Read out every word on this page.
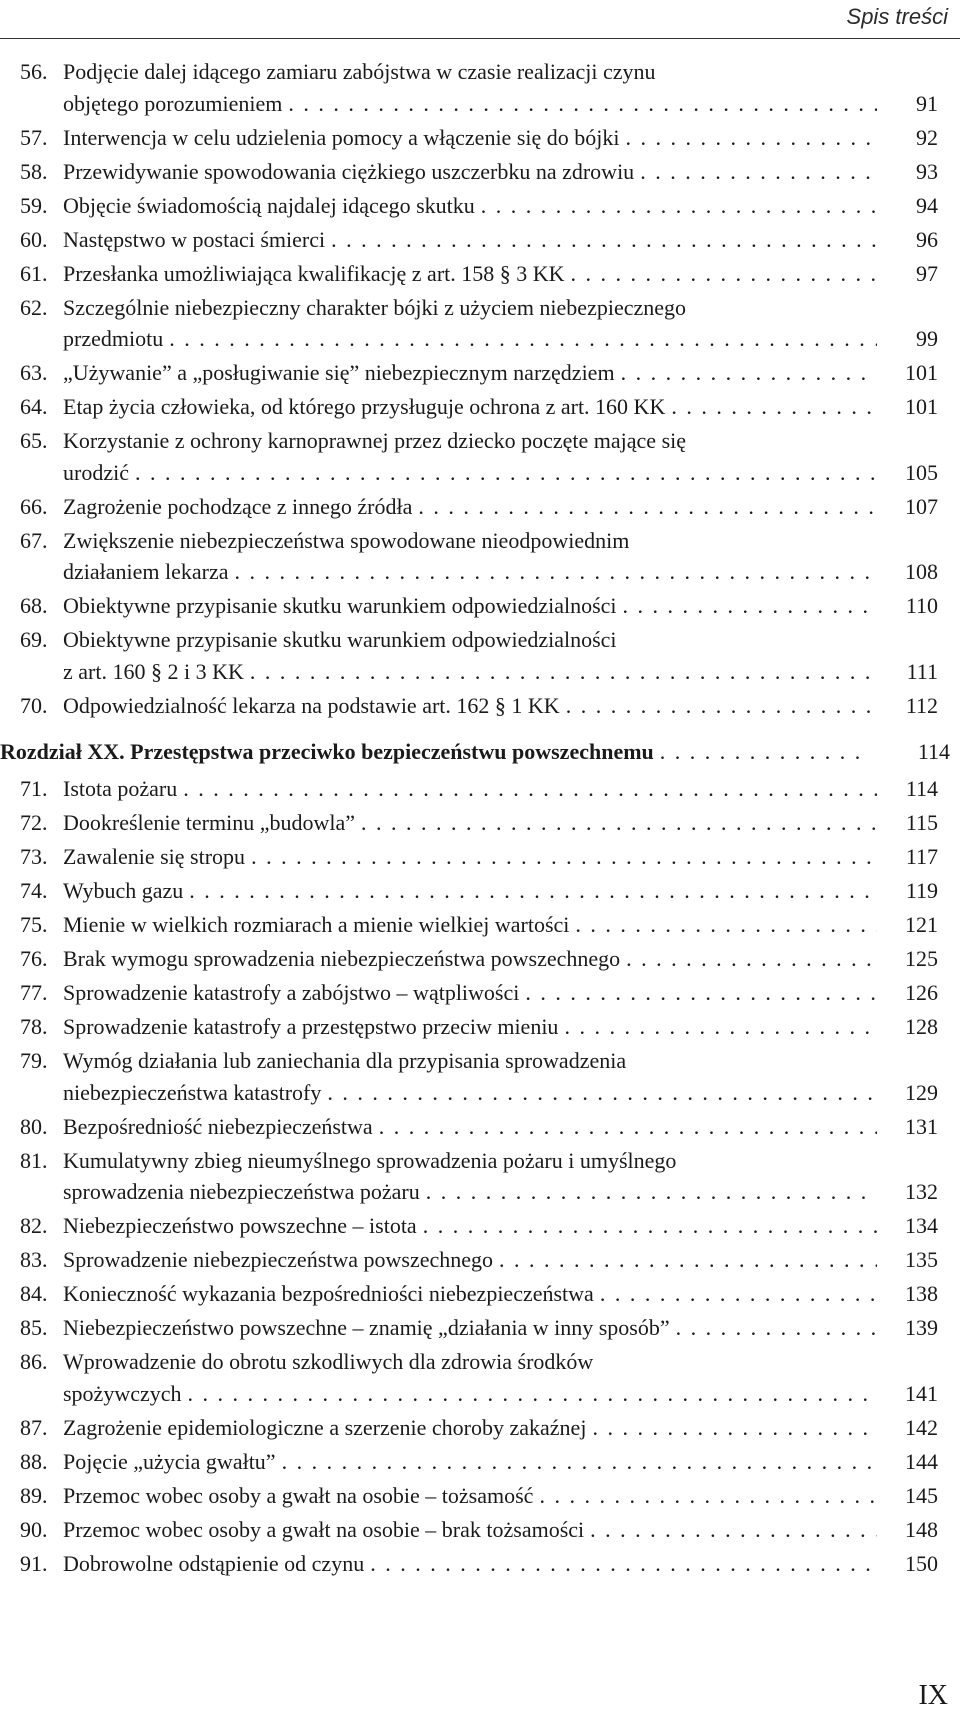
Spis treści
56. Podjęcie dalej idącego zamiaru zabójstwa w czasie realizacji czynu
objętego porozumieniem . . .	91
57. Interwencja w celu udzielenia pomocy a włączenie się do bójki . . .	92
58. Przewidywanie spowodowania ciężkiego uszczerbku na zdrowiu . . .	93
59. Objęcie świadomością najdalej idącego skutku . . .	94
60. Następstwo w postaci śmierci . . .	96
61. Przesłanka umożliwiająca kwalifikację z art. 158 § 3 KK . . .	97
62. Szczególnie niebezpieczny charakter bójki z użyciem niebezpiecznego
przedmiotu . . .	99
63. „Używanie” a „posługiwanie się” niebezpiecznym narzędziem . . .	101
64. Etap życia człowieka, od którego przysługuje ochrona z art. 160 KK . . .	101
65. Korzystanie z ochrony karnoprawnej przez dziecko poczęte mające się
urodzić . . .	105
66. Zagrożenie pochodzące z innego źródła . . .	107
67. Zwiększenie niebezpieczeństwa spowodowane nieodpowiednim
działaniem lekarza . . .	108
68. Obiektywne przypisanie skutku warunkiem odpowiedzialności . . .	110
69. Obiektywne przypisanie skutku warunkiem odpowiedzialności
z art. 160 § 2 i 3 KK . . .	111
70. Odpowiedzialność lekarza na podstawie art. 162 § 1 KK . . .	112
Rozdział XX. Przestępstwa przeciwko bezpieczeństwu powszechnemu . . .	114
71. Istota pożaru . . .	114
72. Dookreślenie terminu „budowla” . . .	115
73. Zawalenie się stropu . . .	117
74. Wybuch gazu . . .	119
75. Mienie w wielkich rozmiarach a mienie wielkiej wartości . . .	121
76. Brak wymogu sprowadzenia niebezpieczeństwa powszechnego . . .	125
77. Sprowadzenie katastrofy a zabójstwo – wątpliwości . . .	126
78. Sprowadzenie katastrofy a przestępstwo przeciw mieniu . . .	128
79. Wymóg działania lub zaniechania dla przypisania sprowadzenia
niebezpieczeństwa katastrofy . . .	129
80. Bezpośredniość niebezpieczeństwa . . .	131
81. Kumulatywny zbieg nieumyślnego sprowadzenia pożaru i umyślnego
sprowadzenia niebezpieczeństwa pożaru . . .	132
82. Niebezpieczeństwo powszechne – istota . . .	134
83. Sprowadzenie niebezpieczeństwa powszechnego . . .	135
84. Konieczność wykazania bezpośredniości niebezpieczeństwa . . .	138
85. Niebezpieczeństwo powszechne – znamię „działania w inny sposób” . . .	139
86. Wprowadzenie do obrotu szkodliwych dla zdrowia środków
spożywczych . . .	141
87. Zagrożenie epidemiologiczne a szerzenie choroby zakaźnej . . .	142
88. Pojęcie „użycia gwałtu” . . .	144
89. Przemoc wobec osoby a gwałt na osobie – tożsamość . . .	145
90. Przemoc wobec osoby a gwałt na osobie – brak tożsamości . . .	148
91. Dobrowolne odstąpienie od czynu . . .	150
IX
